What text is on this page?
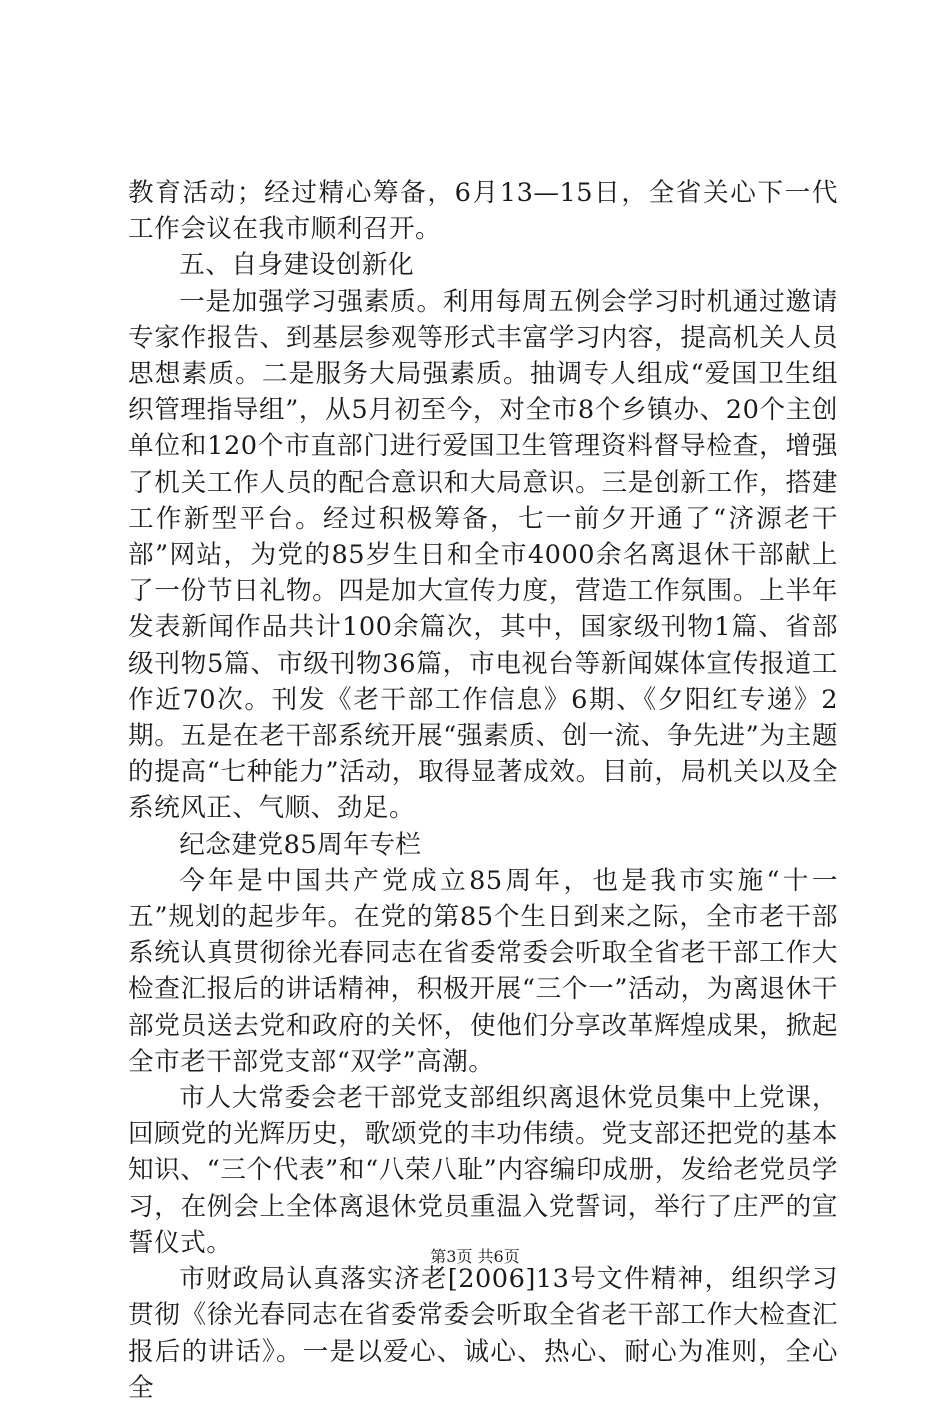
教育活动；经过精心筹备，6月13—15日，全省关心下一代工作会议在我市顺利召开。

五、自身建设创新化

一是加强学习强素质。利用每周五例会学习时机通过邀请专家作报告、到基层参观等形式丰富学习内容，提高机关人员思想素质。二是服务大局强素质。抽调专人组成“爱国卫生组织管理指导组”，从5月初至今，对全市8个乡镇办、20个主创单位和120个市直部门进行爱国卫生管理资料督导检查，增强了机关工作人员的配合意识和大局意识。三是创新工作，搭建工作新型平台。经过积极筹备，七一前夕开通了“济源老干部”网站，为党的85岁生日和全市4000余名离退休干部献上了一份节日礼物。四是加大宣传力度，营造工作氛围。上半年发表新闻作品共计100余篇次，其中，国家级刊物1篇、省部级刊物5篇、市级刊物36篇，市电视台等新闻媒体宣传报道工作近70次。刊发《老干部工作信息》6期、《夕阳红专递》2期。五是在老干部系统开展“强素质、创一流、争先进”为主题的提高“七种能力”活动，取得显著成效。目前，局机关以及全系统风正、气顺、劲足。

纪念建党85周年专栏

今年是中国共产党成立85周年，也是我市实施“十一五”规划的起步年。在党的第85个生日到来之际，全市老干部系统认真贯彻徐光春同志在省委常委会听取全省老干部工作大检查汇报后的讲话精神，积极开展“三个一”活动，为离退休干部党员送去党和政府的关怀，使他们分享改革辉煌成果，掀起全市老干部党支部“双学”高潮。

市人大常委会老干部党支部组织离退休党员集中上党课，回顾党的光辉历史，歌颂党的丰功伟绩。党支部还把党的基本知识、“三个代表”和“八荣八耻”内容编印成册，发给老党员学习，在例会上全体离退休党员重温入党誓词，举行了庄严的宣誓仪式。

市财政局认真落实济老[2006]13号文件精神，组织学习贯彻《徐光春同志在省委常委会听取全省老干部工作大检查汇报后的讲话》。一是以爱心、诚心、热心、耐心为准则，全心全

第3页 共6页
